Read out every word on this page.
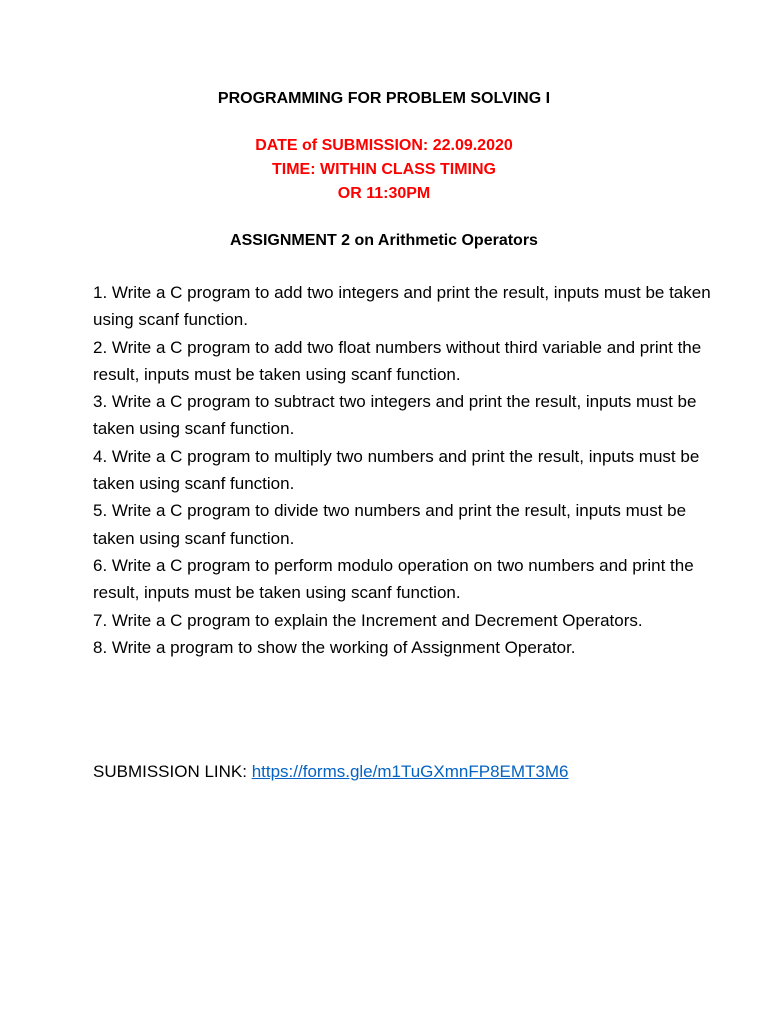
PROGRAMMING FOR PROBLEM SOLVING I
DATE of SUBMISSION: 22.09.2020
TIME: WITHIN CLASS TIMING
OR 11:30PM
ASSIGNMENT 2 on Arithmetic Operators

1. Write a C program to add two integers and print the result, inputs must be taken using scanf function.

2. Write a C program to add two float numbers without third variable and print the result, inputs must be taken using scanf function.

3. Write a C program to subtract two integers and print the result, inputs must be taken using scanf function.

4. Write a C program to multiply two numbers and print the result, inputs must be taken using scanf function.

5. Write a C program to divide two numbers and print the result, inputs must be taken using scanf function.

6. Write a C program to perform modulo operation on two numbers and print the result, inputs must be taken using scanf function.

7. Write a C program to explain the Increment and Decrement Operators.

8. Write a program to show the working of Assignment Operator.

SUBMISSION LINK: https://forms.gle/m1TuGXmnFP8EMT3M6
